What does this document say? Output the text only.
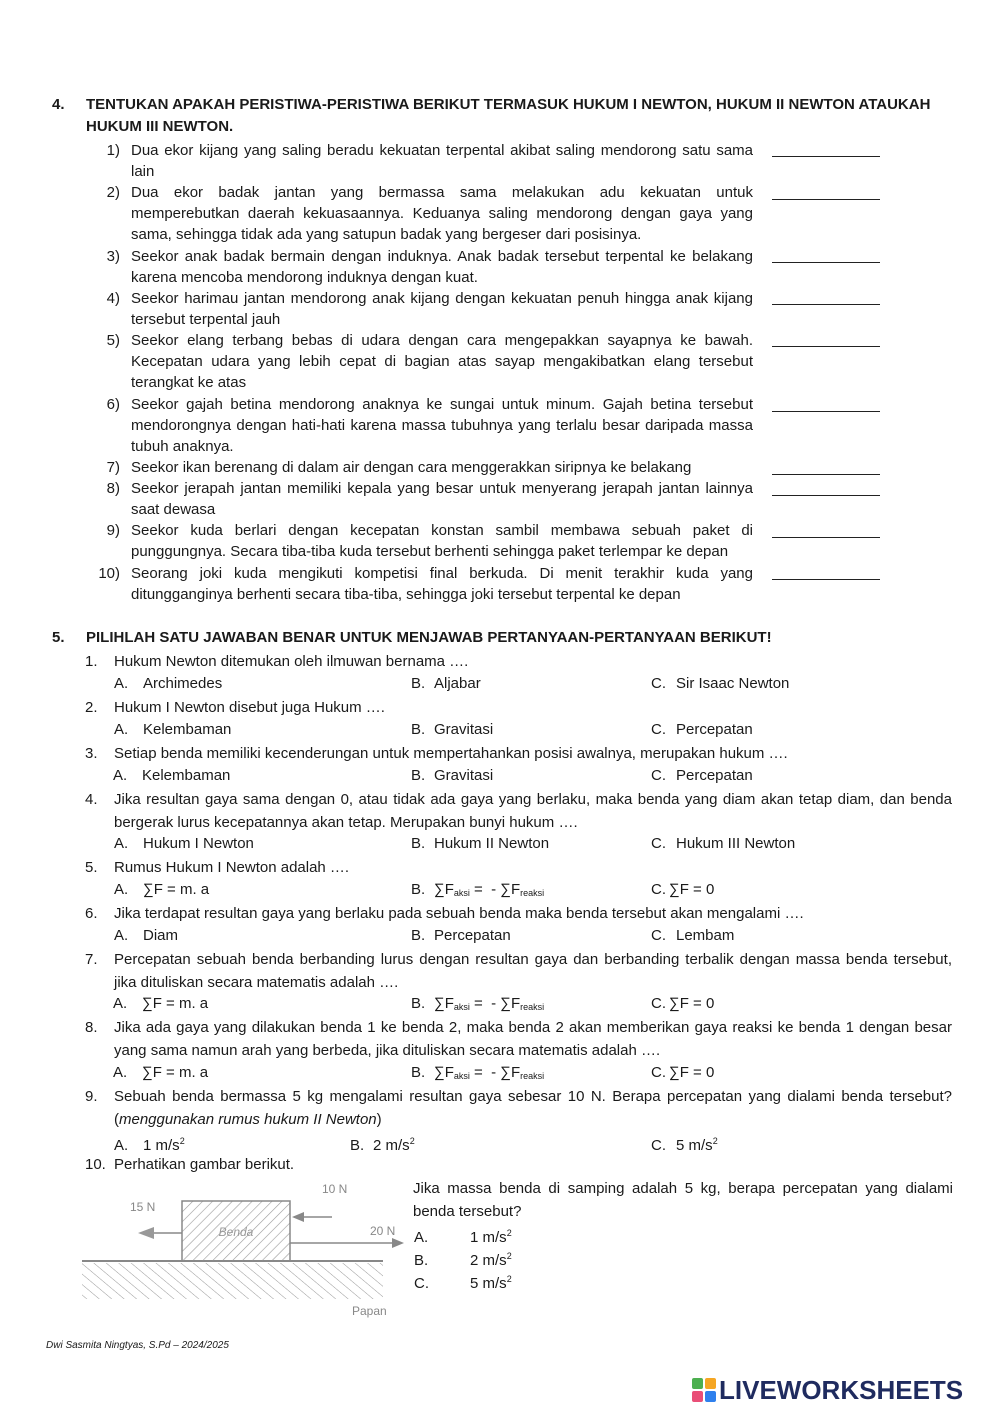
4. TENTUKAN APAKAH PERISTIWA-PERISTIWA BERIKUT TERMASUK HUKUM I NEWTON, HUKUM II NEWTON ATAUKAH
HUKUM III NEWTON.
1) Dua ekor kijang yang saling beradu kekuatan terpental akibat saling mendorong satu sama lain
2) Dua ekor badak jantan yang bermassa sama melakukan adu kekuatan untuk memperebutkan daerah kekuasaannya. Keduanya saling mendorong dengan gaya yang sama, sehingga tidak ada yang satupun badak yang bergeser dari posisinya.
3) Seekor anak badak bermain dengan induknya. Anak badak tersebut terpental ke belakang karena mencoba mendorong induknya dengan kuat.
4) Seekor harimau jantan mendorong anak kijang dengan kekuatan penuh hingga anak kijang tersebut terpental jauh
5) Seekor elang terbang bebas di udara dengan cara mengepakkan sayapnya ke bawah. Kecepatan udara yang lebih cepat di bagian atas sayap mengakibatkan elang tersebut terangkat ke atas
6) Seekor gajah betina mendorong anaknya ke sungai untuk minum. Gajah betina tersebut mendorongnya dengan hati-hati karena massa tubuhnya yang terlalu besar daripada massa tubuh anaknya.
7) Seekor ikan berenang di dalam air dengan cara menggerakkan siripnya ke belakang
8) Seekor jerapah jantan memiliki kepala yang besar untuk menyerang jerapah jantan lainnya saat dewasa
9) Seekor kuda berlari dengan kecepatan konstan sambil membawa sebuah paket di punggungnya. Secara tiba-tiba kuda tersebut berhenti sehingga paket terlempar ke depan
10) Seorang joki kuda mengikuti kompetisi final berkuda. Di menit terakhir kuda yang ditungganginya berhenti secara tiba-tiba, sehingga joki tersebut terpental ke depan
5. PILIHLAH SATU JAWABAN BENAR UNTUK MENJAWAB PERTANYAAN-PERTANYAAN BERIKUT!
1. Hukum Newton ditemukan oleh ilmuwan bernama ….
A. Archimedes	B. Aljabar	C. Sir Isaac Newton
2. Hukum I Newton disebut juga Hukum ….
A. Kelembaman	B. Gravitasi	C. Percepatan
3. Setiap benda memiliki kecenderungan untuk mempertahankan posisi awalnya, merupakan hukum ….
A. Kelembaman	B. Gravitasi	C. Percepatan
4. Jika resultan gaya sama dengan 0, atau tidak ada gaya yang berlaku, maka benda yang diam akan tetap diam, dan benda bergerak lurus kecepatannya akan tetap. Merupakan bunyi hukum ….
A. Hukum I Newton	B. Hukum II Newton	C. Hukum III Newton
5. Rumus Hukum I Newton adalah ….
A. ∑F = m. a	B. $\sum F_{aksi}$ =  - $\sum F_{reaksi}$	C. ∑F = 0
6. Jika terdapat resultan gaya yang berlaku pada sebuah benda maka benda tersebut akan mengalami ….
A. Diam	B. Percepatan	C. Lembam
7. Percepatan sebuah benda berbanding lurus dengan resultan gaya dan berbanding terbalik dengan massa benda tersebut, jika dituliskan secara matematis adalah ….
A. ∑F = m. a	B. $\sum F_{aksi}$ =  - $\sum F_{reaksi}$	C. ∑F = 0
8. Jika ada gaya yang dilakukan benda 1 ke benda 2, maka benda 2 akan memberikan gaya reaksi ke benda 1 dengan besar yang sama namun arah yang berbeda, jika dituliskan secara matematis adalah ….
A. ∑F = m. a	B. $\sum F_{aksi}$ =  - $\sum F_{reaksi}$	C. ∑F = 0
9. Sebuah benda bermassa 5 kg mengalami resultan gaya sebesar 10 N. Berapa percepatan yang dialami benda tersebut? (menggunakan rumus hukum II Newton)
A. 1 $m/s^2$	B. 2 $m/s^2$	C. 5 $m/s^2$
10. Perhatikan gambar berikut.
Jika massa benda di samping adalah 5 kg, berapa percepatan yang dialami benda tersebut?
A.	1 $m/s^2$
B.	2 $m/s^2$
C.	5 $m/s^2$
Benda
15 N
10 N
20 N
Papan
Dwi Sasmita Ningtyas, S.Pd – 2024/2025
LIVEWORKSHEETS
